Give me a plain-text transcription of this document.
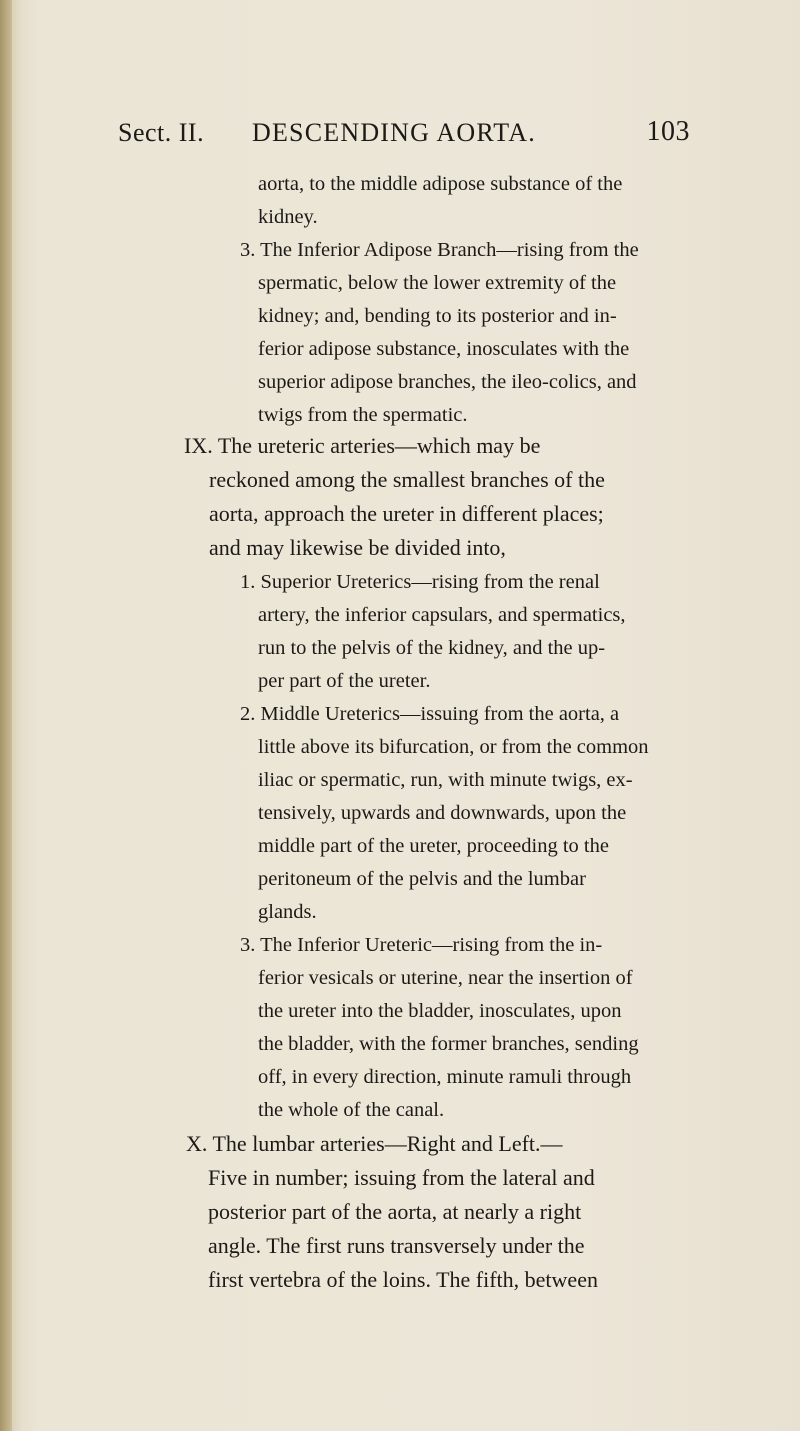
Sect. II. DESCENDING AORTA.	103
aorta, to the middle adipose substance of the
kidney.
3. The Inferior Adipose Branch—rising from the
spermatic, below the lower extremity of the
kidney; and, bending to its posterior and in-
ferior adipose substance, inosculates with the
superior adipose branches, the ileo-colics, and
twigs from the spermatic.
IX. The ureteric arteries—which may be
reckoned among the smallest branches of the
aorta, approach the ureter in different places;
and may likewise be divided into,
1. Superior Ureterics—rising from the renal
artery, the inferior capsulars, and spermatics,
run to the pelvis of the kidney, and the up-
per part of the ureter.
2. Middle Ureterics—issuing from the aorta, a
little above its bifurcation, or from the common
iliac or spermatic, run, with minute twigs, ex-
tensively, upwards and downwards, upon the
middle part of the ureter, proceeding to the
peritoneum of the pelvis and the lumbar
glands.
3. The Inferior Ureteric—rising from the in-
ferior vesicals or uterine, near the insertion of
the ureter into the bladder, inosculates, upon
the bladder, with the former branches, sending
off, in every direction, minute ramuli through
the whole of the canal.
X. The lumbar arteries—Right and Left.—
Five in number; issuing from the lateral and
posterior part of the aorta, at nearly a right
angle. The first runs transversely under the
first vertebra of the loins. The fifth, between
